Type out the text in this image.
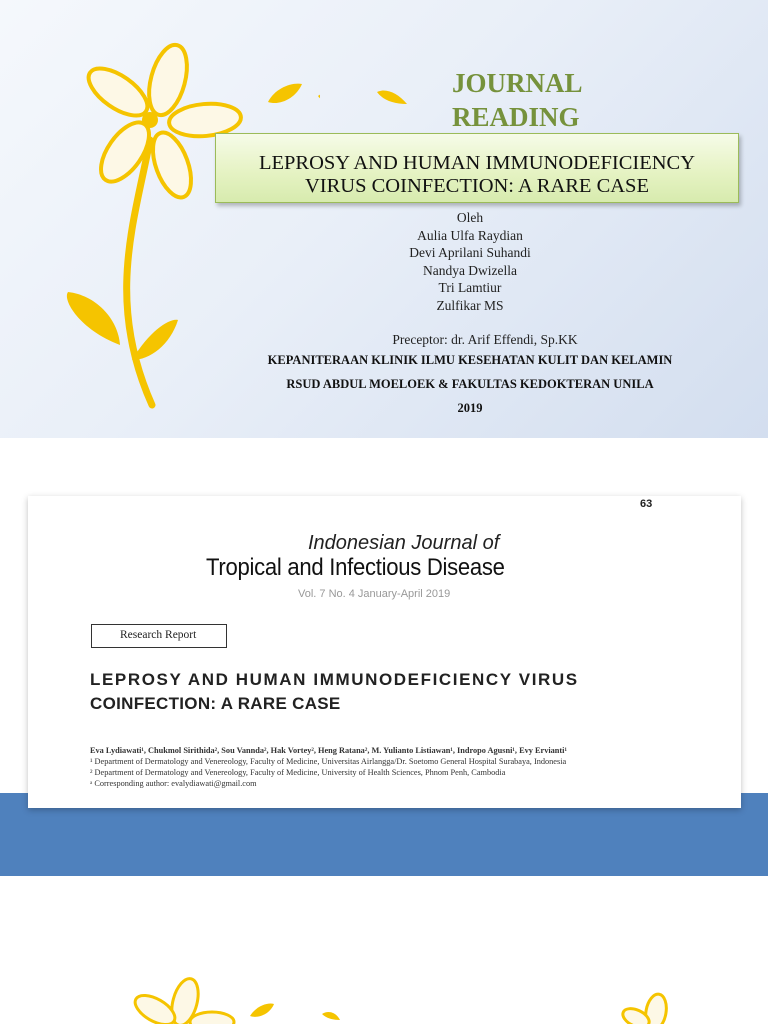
JOURNAL
READING
LEPROSY AND HUMAN IMMUNODEFICIENCY
VIRUS COINFECTION: A RARE CASE
Oleh
Aulia Ulfa Raydian
Devi Aprilani Suhandi
Nandya Dwizella
Tri Lamtiur
Zulfikar MS
Preceptor: dr. Arif Effendi, Sp.KK
KEPANITERAAN KLINIK ILMU KESEHATAN KULIT DAN KELAMIN
RSUD ABDUL MOELOEK & FAKULTAS KEDOKTERAN UNILA
2019
63
Indonesian Journal of
Tropical and Infectious Disease
Vol. 7 No. 4 January-April 2019
Research Report
LEPROSY AND HUMAN IMMUNODEFICIENCY VIRUS
COINFECTION: A RARE CASE
Eva Lydiawati¹, Chukmol Sirithida², Sou Vannda², Hak Vortey², Heng Ratana², M. Yulianto Listiawan¹, Indropo Agusni¹, Evy Ervianti¹
¹ Department of Dermatology and Venereology, Faculty of Medicine, Universitas Airlangga/Dr. Soetomo General Hospital Surabaya, Indonesia
² Department of Dermatology and Venereology, Faculty of Medicine, University of Health Sciences, Phnom Penh, Cambodia
ᵃ Corresponding author: evalydiawati@gmail.com
